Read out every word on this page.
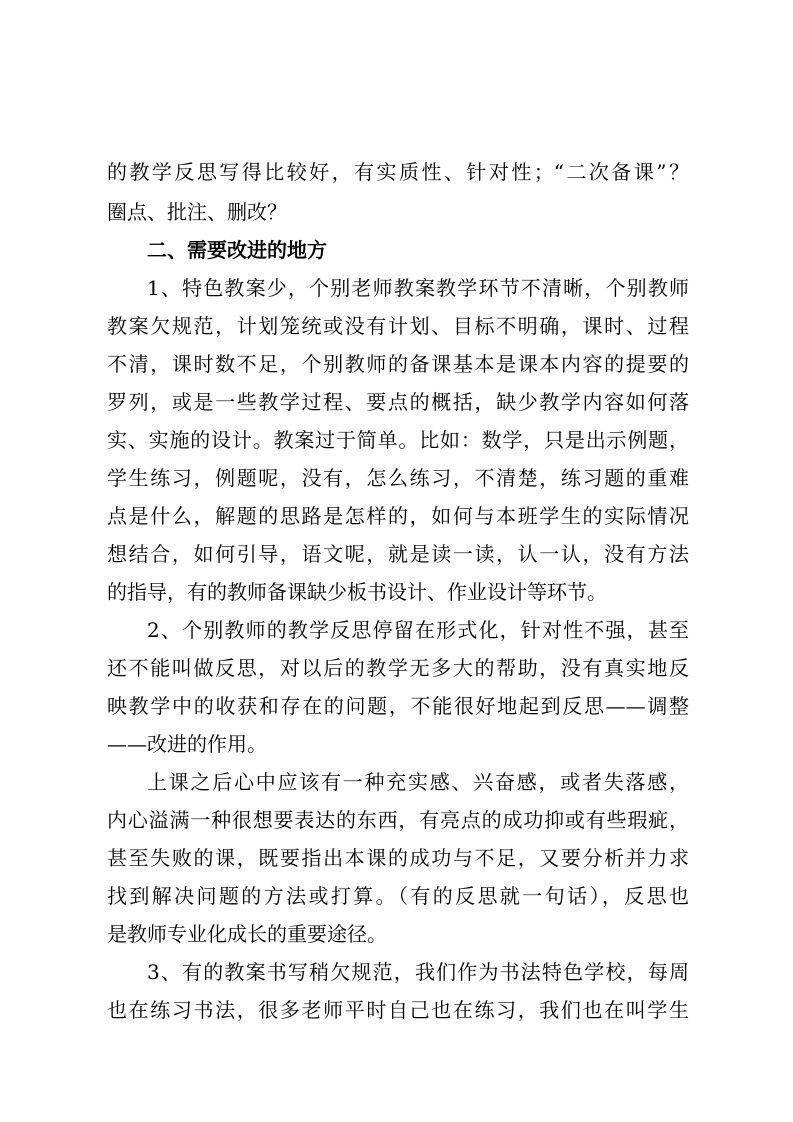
的教学反思写得比较好，有实质性、针对性；“二次备课”？
圈点、批注、删改？
二、需要改进的地方
1、特色教案少，个别老师教案教学环节不清晰，个别教师
教案欠规范，计划笼统或没有计划、目标不明确，课时、过程
不清，课时数不足，个别教师的备课基本是课本内容的提要的
罗列，或是一些教学过程、要点的概括，缺少教学内容如何落
实、实施的设计。教案过于简单。比如：数学，只是出示例题，
学生练习，例题呢，没有，怎么练习，不清楚，练习题的重难
点是什么，解题的思路是怎样的，如何与本班学生的实际情况
想结合，如何引导，语文呢，就是读一读，认一认，没有方法
的指导，有的教师备课缺少板书设计、作业设计等环节。
2、个别教师的教学反思停留在形式化，针对性不强，甚至
还不能叫做反思，对以后的教学无多大的帮助，没有真实地反
映教学中的收获和存在的问题，不能很好地起到反思——调整
——改进的作用。
上课之后心中应该有一种充实感、兴奋感，或者失落感，
内心溢满一种很想要表达的东西，有亮点的成功抑或有些瑕疵，
甚至失败的课，既要指出本课的成功与不足，又要分析并力求
找到解决问题的方法或打算。（有的反思就一句话），反思也
是教师专业化成长的重要途径。
3、有的教案书写稍欠规范，我们作为书法特色学校，每周
也在练习书法，很多老师平时自己也在练习，我们也在叫学生
